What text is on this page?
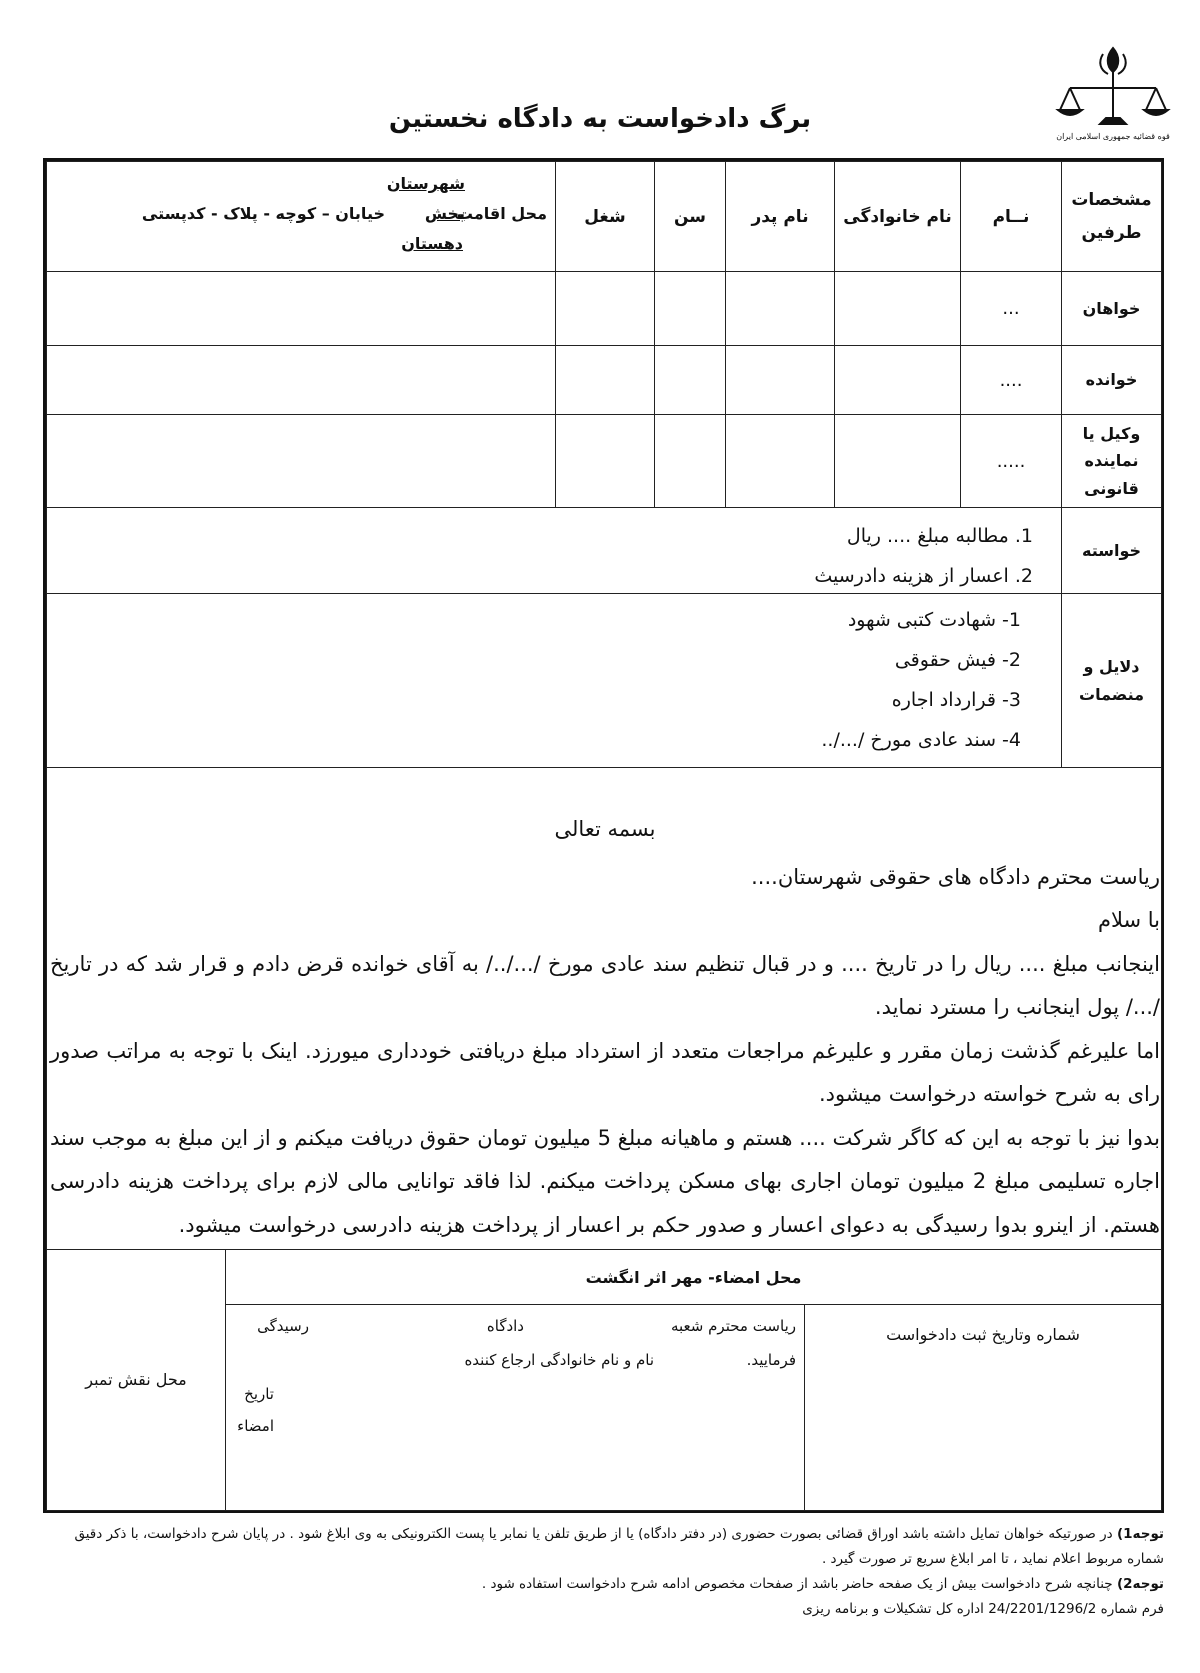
قوه قضائیه جمهوری اسلامی ایران
برگ دادخواست به دادگاه نخستین
مشخصات طرفین
نــام
نام خانوادگی
نام پدر
سن
شغل
محل اقامت
شهرستان
بخش
دهستان
خیابان – کوچه - پلاک - کدپستی
خواهان
...
خوانده
....
وکیل یا نماینده قانونی
.....
خواسته
1. مطالبه مبلغ .... ریال
2. اعسار از هزینه دادرسیث
دلایل و منضمات
1- شهادت کتبی شهود
2- فیش حقوقی
3- قرارداد اجاره
4- سند عادی مورخ /.../..
محل نقش تمبر
محل امضاء- مهر اثر انگشت
شماره وتاریخ ثبت دادخواست
ریاست محترم شعبه
دادگاه
رسیدگی
فرمایید.
نام و نام خانوادگی ارجاع کننده
تاریخ
امضاء

بسمه تعالی

ریاست محترم دادگاه های حقوقی شهرستان....

با سلام

اینجانب مبلغ .... ریال را در تاریخ .... و در قبال تنظیم سند عادی مورخ /.../../ به آقای خوانده قرض دادم و قرار شد که در تاریخ /.../ پول اینجانب را مسترد نماید.

اما علیرغم گذشت زمان مقرر و علیرغم مراجعات متعدد از استرداد مبلغ دریافتی خودداری میورزد. اینک با توجه به مراتب صدور رای به شرح خواسته درخواست میشود.

بدوا نیز با توجه به این که کاگر شرکت .... هستم و ماهیانه مبلغ 5 میلیون تومان حقوق دریافت میکنم و از این مبلغ به موجب سند اجاره تسلیمی مبلغ 2 میلیون تومان اجاری بهای مسکن پرداخت میکنم. لذا فاقد توانایی مالی لازم برای پرداخت هزینه دادرسی هستم. از اینرو بدوا رسیدگی به دعوای اعسار و صدور حکم بر اعسار از پرداخت هزینه دادرسی درخواست میشود.

توجه1) در صورتیکه خواهان تمایل داشته باشد اوراق قضائی بصورت حضوری (در دفتر دادگاه) یا از طریق تلفن یا نمابر یا پست الکترونیکی به وی ابلاغ شود . در پایان شرح دادخواست، با ذکر دقیق شماره مربوط اعلام نماید ، تا امر ابلاغ سریع تر صورت گیرد .
توجه2) چنانچه شرح دادخواست بیش از یک صفحه حاضر باشد از صفحات مخصوص ادامه شرح دادخواست استفاده شود .
فرم شماره 24/2201/1296/2 اداره کل تشکیلات و برنامه ریزی
